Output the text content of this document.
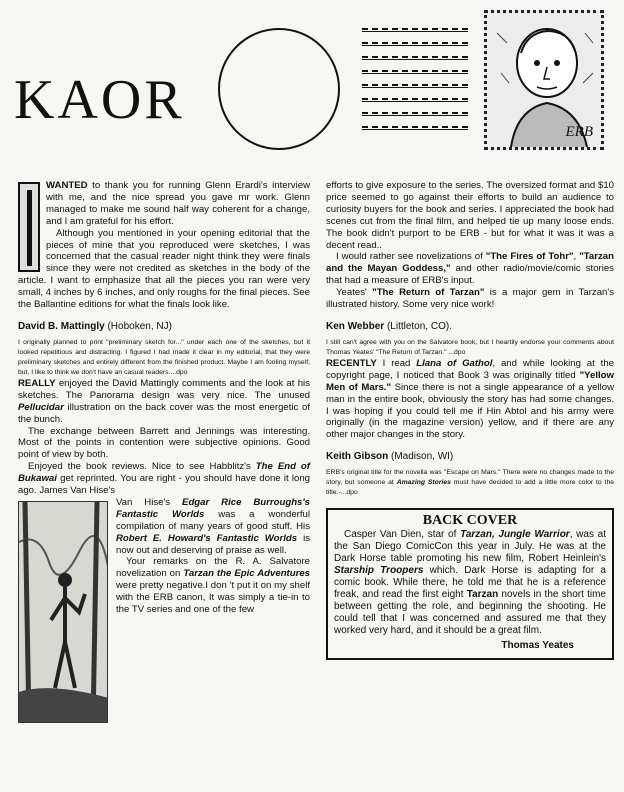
KAOR
ERB

WANTED to thank you for running Glenn Erardi's interview with me, and the nice spread you gave mr work. Glenn managed to make me sound half way coherent for a change, and I am grateful for his effort.

Although you mentioned in your opening editorial that the pieces of mine that you reproduced were sketches, I was concerned that the casual reader night think they were finals since they were not credited as sketches in the body of the article. I want to emphasize that all the pieces you ran were very small, 4 inches by 6 inches, and only roughs for the final pieces. See the Ballantine editions for what the finals look like.

David B. Mattingly (Hoboken, NJ)

I originally planned to print "preliminary sketch for..." under each one of the sketches, but it looked repetitious and distracting. I figured I had made it clear in my editorial, that they were preliminary sketches and entirely different from the finished product. Maybe I am fooling myself, but, I like to think we don't have an casual readers....dpo

REALLY enjoyed the David Mattingly comments and the look at his sketches. The Panorama design was very nice. The unused Pellucidar illustration on the back cover was the most energetic of the bunch.

The exchange between Barrett and Jennings was interesting. Most of the points in contention were subjective opinions. Good point of view by both.

Enjoyed the book reviews. Nice to see Habblitz's The End of Bukawai get reprinted. You are right - you should have done it long ago. James Van Hise's

Van Hise's Edgar Rice Burroughs's Fantastic Worlds was a wonderful compilation of many years of good stuff. His Robert E. Howard's Fantastic Worlds is now out and deserving of praise as well.

Your remarks on the R. A. Salvatore novelization on Tarzan the Epic Adventures were pretty negative.I don 't put it on my shelf with the ERB canon, It was simply a tie-in to the TV series and one of the few

efforts to give exposure to the series. The oversized format and $10 price seemed to go against their efforts to build an audience to curiosity buyers for the book and series. I appreciated the book had scenes cut from the final film, and helped tie up many loose ends. The book didn't purport to be ERB - but for what it was it was a decent read..

I would rather see novelizations of "The Fires of Tohr", "Tarzan and the Mayan Goddess," and other radio/movie/comic stories that had a measure of ERB's input.

Yeates' "The Return of Tarzan" is a major gem in Tarzan's illustrated history. Some very nice work!

Ken Webber (Littleton, CO).

I still can't agree with you on the Salvatore book, but I heartily endorse your comments about Thomas Yeates' "The Return of Tarzan." ...dpo

RECENTLY I read Llana of Gathol, and while looking at the copyright page, I noticed that Book 3 was originally titled "Yellow Men of Mars." Since there is not a single appearance of a yellow man in the entire book, obviously the story has had some changes. I was hoping if you could tell me if Hin Abtol and his army were originally (in the magazine version) yellow, and if there are any other major changes in the story.

Keith Gibson (Madison, WI)

ERB's original title for the novella was "Escape on Mars." There were no changes made to the story, but someone at Amazing Stories must have decided to add a little more color to the title.-...dpo

BACK COVER

Casper Van Dien, star of Tarzan, Jungle Warrior, was at the San Diego ComicCon this year in July. He was at the Dark Horse table promoting his new film, Robert Heinlein's Starship Troopers which. Dark Horse is adapting for a comic book. While there, he told me that he is a reference freak, and read the first eight Tarzan novels in the short time between getting the role, and beginning the shooting. He could tell that I was concerned and assured me that they worked very hard, and it should be a great film.

Thomas Yeates
